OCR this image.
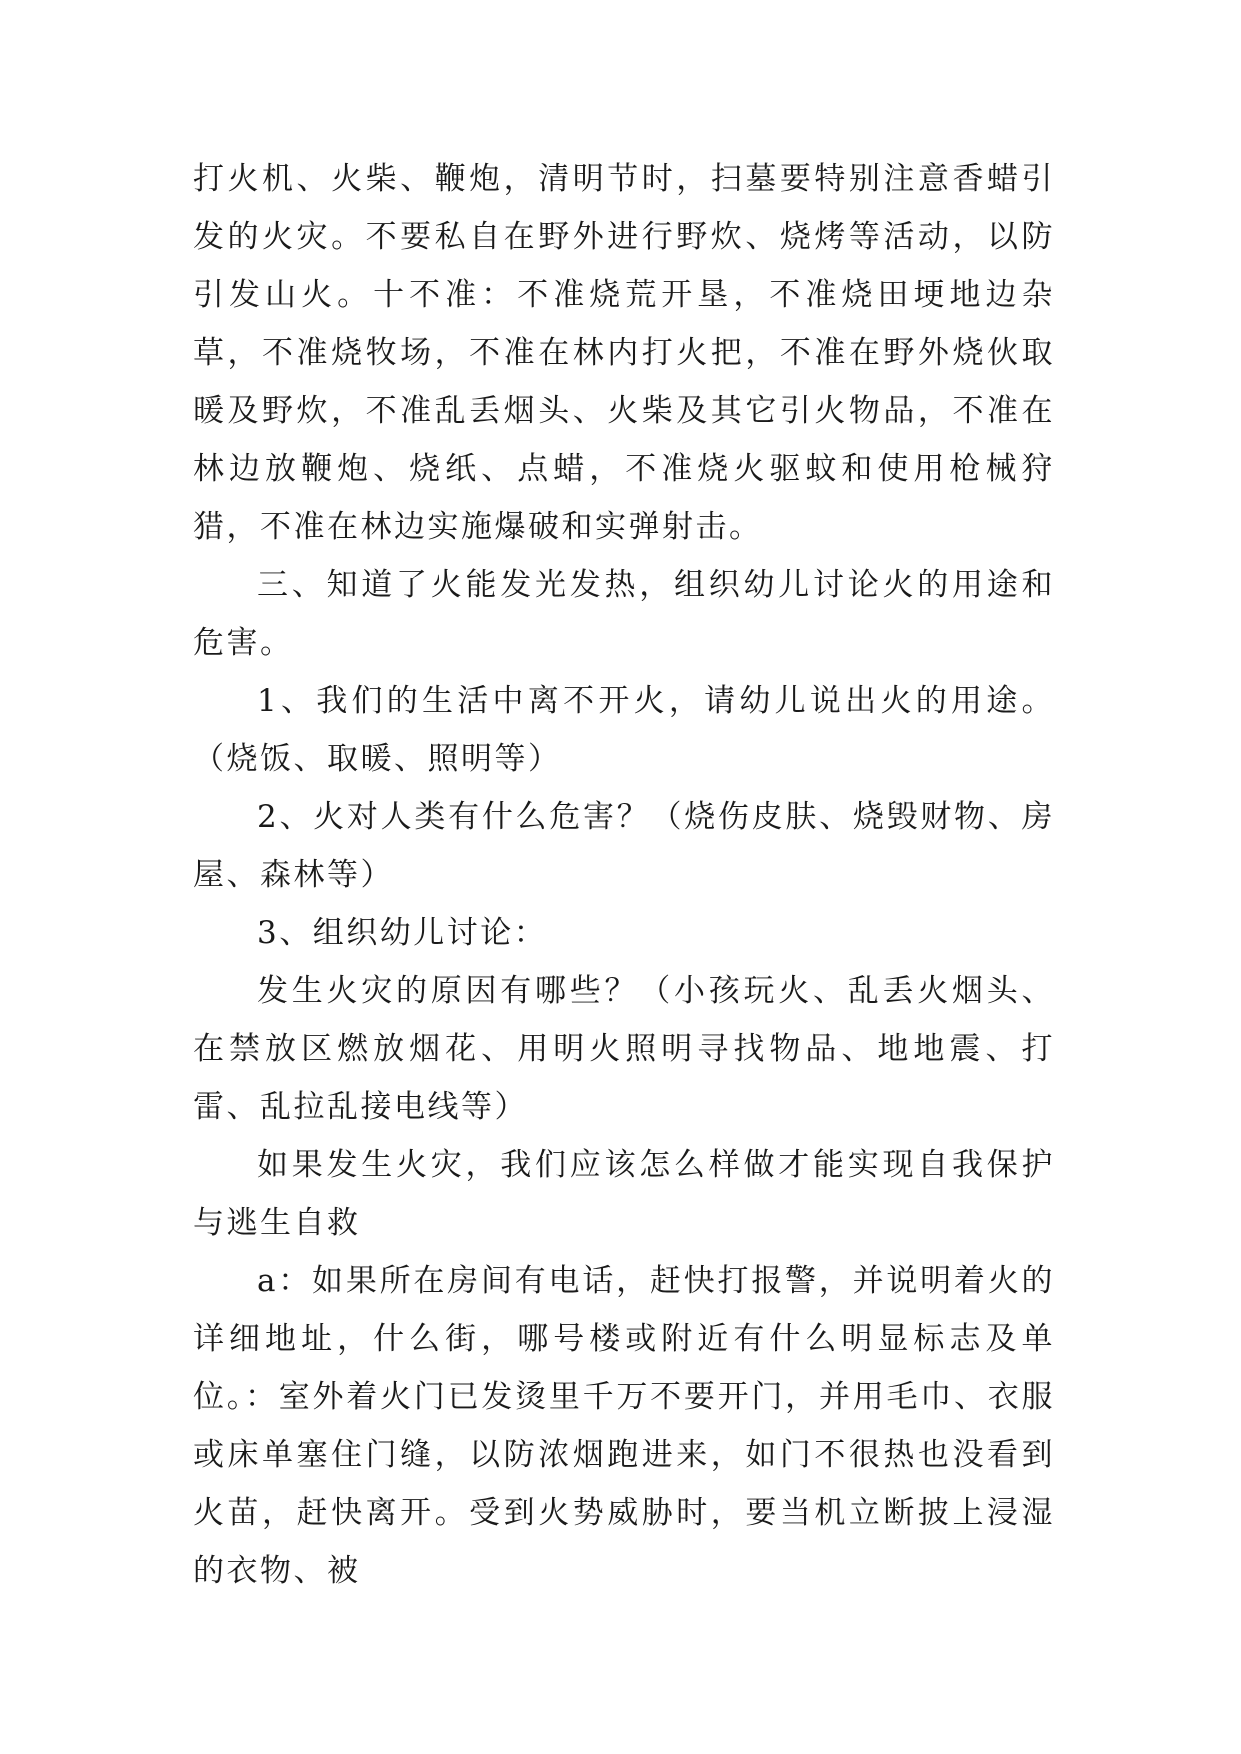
打火机、火柴、鞭炮，清明节时，扫墓要特别注意香蜡引发的火灾。不要私自在野外进行野炊、烧烤等活动，以防引发山火。十不准：不准烧荒开垦，不准烧田埂地边杂草，不准烧牧场，不准在林内打火把，不准在野外烧伙取暖及野炊，不准乱丢烟头、火柴及其它引火物品，不准在林边放鞭炮、烧纸、点蜡，不准烧火驱蚊和使用枪械狩猎，不准在林边实施爆破和实弹射击。

三、知道了火能发光发热，组织幼儿讨论火的用途和危害。

1、我们的生活中离不开火，请幼儿说出火的用途。（烧饭、取暖、照明等）

2、火对人类有什么危害？（烧伤皮肤、烧毁财物、房屋、森林等）

3、组织幼儿讨论：

发生火灾的原因有哪些？（小孩玩火、乱丢火烟头、在禁放区燃放烟花、用明火照明寻找物品、地地震、打雷、乱拉乱接电线等）

如果发生火灾，我们应该怎么样做才能实现自我保护与逃生自救

a：如果所在房间有电话，赶快打报警，并说明着火的详细地址，什么街，哪号楼或附近有什么明显标志及单位。：室外着火门已发烫里千万不要开门，并用毛巾、衣服或床单塞住门缝，以防浓烟跑进来，如门不很热也没看到火苗，赶快离开。受到火势威胁时，要当机立断披上浸湿的衣物、被
